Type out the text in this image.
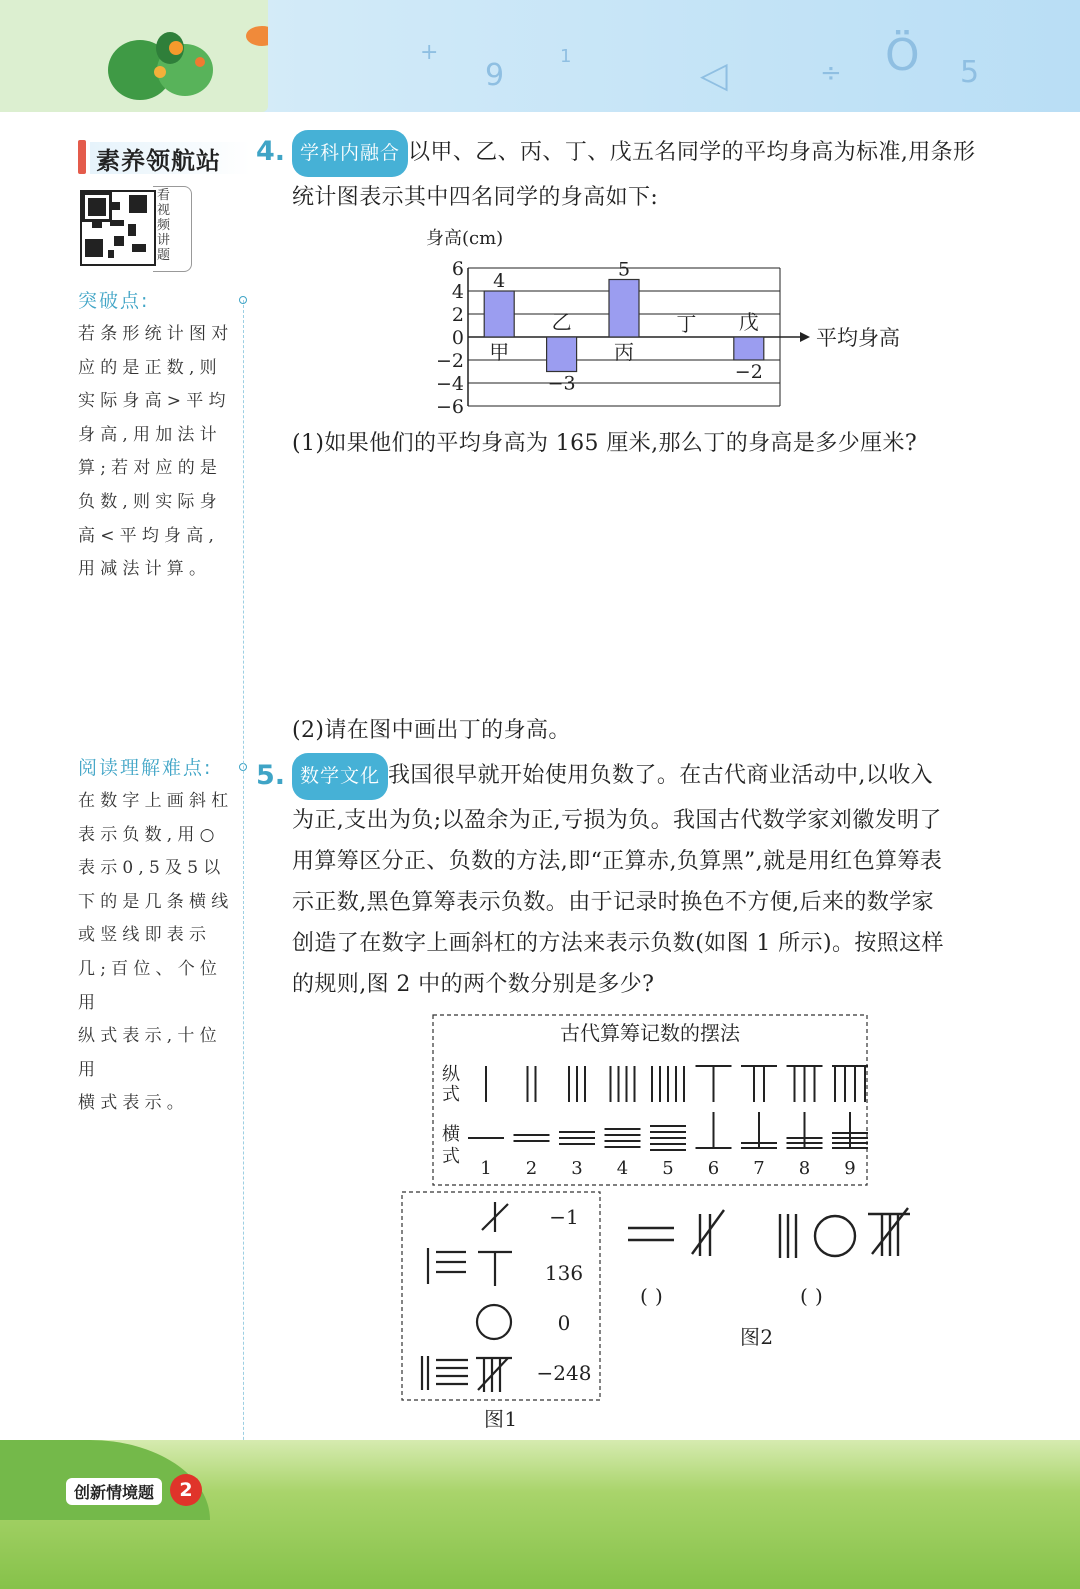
+
9
1	◁	÷ Ö 5
素养领航站
看视频讲题
突破点:
若条形统计图对
应的是正数,则
实际身高>平均
身高,用加法计
算;若对应的是
负数,则实际身
高<平均身高,
用减法计算。
阅读理解难点:
在数字上画斜杠
表示负数,用○
表示0,5及5以
下的是几条横线
或竖线即表示
几;百位、个位用
纵式表示,十位用
横式表示。
4. 学科内融合 以甲、乙、丙、丁、戊五名同学的平均身高为标准,用条形
统计图表示其中四名同学的身高如下:
身高(cm)
6
4
2
0
−2
−4
−6
平均身高
甲
4
乙
−3
丙
5
丁 戊
−2
(1)如果他们的平均身高为 165 厘米,那么丁的身高是多少厘米?
(2)请在图中画出丁的身高。
5. 数学文化 我国很早就开始使用负数了。在古代商业活动中,以收入
为正,支出为负;以盈余为正,亏损为负。我国古代数学家刘徽发明了
用算筹区分正、负数的方法,即“正算赤,负算黑”,就是用红色算筹表
示正数,黑色算筹表示负数。由于记录时换色不方便,后来的数学家
创造了在数字上画斜杠的方法来表示负数(如图 1 所示)。按照这样
的规则,图 2 中的两个数分别是多少?
古代算筹记数的摆法
纵
式
横
式
1 2 3 4 5 6 7 8 9
−1
136
0
−248
图1
( )	( )
图2
创新情境题	2
